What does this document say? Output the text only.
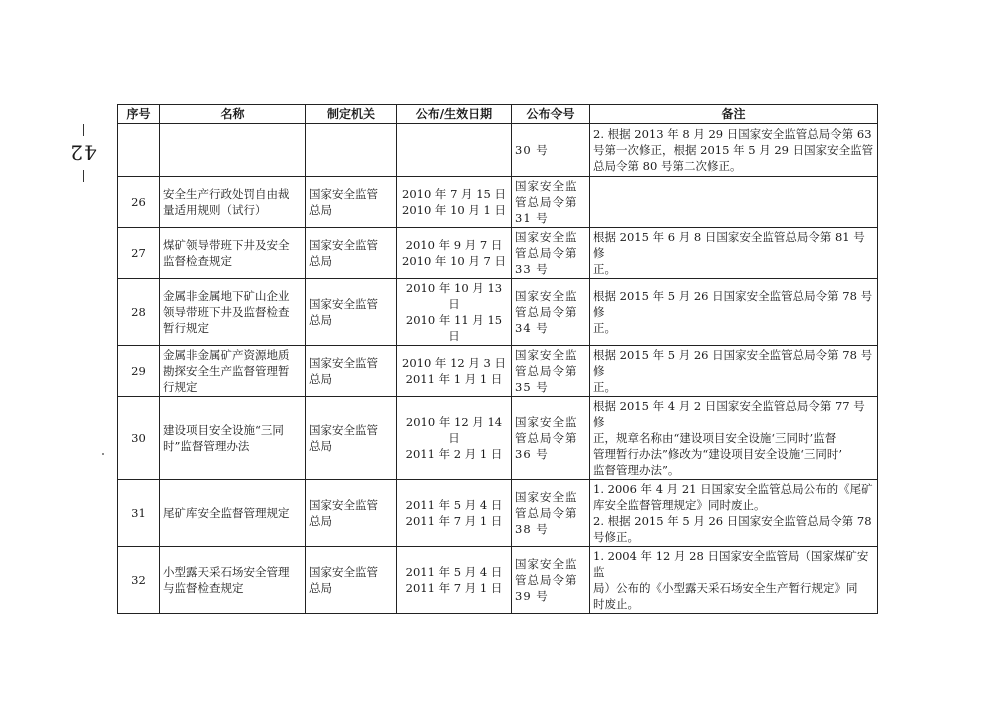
42
序号	名称	制定机关	公布/生效日期	公布令号	备注

				30 号	2. 根据 2013 年 8 月 29 日国家安全监管总局令第 63
号第一次修正，根据 2015 年 5 月 29 日国家安全监管
总局令第 80 号第二次修正。

26	安全生产行政处罚自由裁
量适用规则（试行）	国家安全监管
总局	2010 年 7 月 15 日
2010 年 10 月 1 日	国家安全监
管总局令第
31 号	

27	煤矿领导带班下井及安全
监督检查规定	国家安全监管
总局	2010 年 9 月 7 日
2010 年 10 月 7 日	国家安全监
管总局令第
33 号	根据 2015 年 6 月 8 日国家安全监管总局令第 81 号修
正。

28	金属非金属地下矿山企业
领导带班下井及监督检查
暂行规定	国家安全监管
总局	2010 年 10 月 13 日
2010 年 11 月 15 日	国家安全监
管总局令第
34 号	根据 2015 年 5 月 26 日国家安全监管总局令第 78 号修
正。

29	金属非金属矿产资源地质
勘探安全生产监督管理暂
行规定	国家安全监管
总局	2010 年 12 月 3 日
2011 年 1 月 1 日	国家安全监
管总局令第
35 号	根据 2015 年 5 月 26 日国家安全监管总局令第 78 号修
正。

30	建设项目安全设施“三同
时”监督管理办法	国家安全监管
总局	2010 年 12 月 14 日
2011 年 2 月 1 日	国家安全监
管总局令第
36 号	根据 2015 年 4 月 2 日国家安全监管总局令第 77 号修
正，规章名称由“建设项目安全设施‘三同时’监督
管理暂行办法”修改为“建设项目安全设施‘三同时’
监督管理办法”。

31	尾矿库安全监督管理规定	国家安全监管
总局	2011 年 5 月 4 日
2011 年 7 月 1 日	国家安全监
管总局令第
38 号	1. 2006 年 4 月 21 日国家安全监管总局公布的《尾矿
库安全监督管理规定》同时废止。
2. 根据 2015 年 5 月 26 日国家安全监管总局令第 78
号修正。

32	小型露天采石场安全管理
与监督检查规定	国家安全监管
总局	2011 年 5 月 4 日
2011 年 7 月 1 日	国家安全监
管总局令第
39 号	1. 2004 年 12 月 28 日国家安全监管局（国家煤矿安监
局）公布的《小型露天采石场安全生产暂行规定》同
时废止。
